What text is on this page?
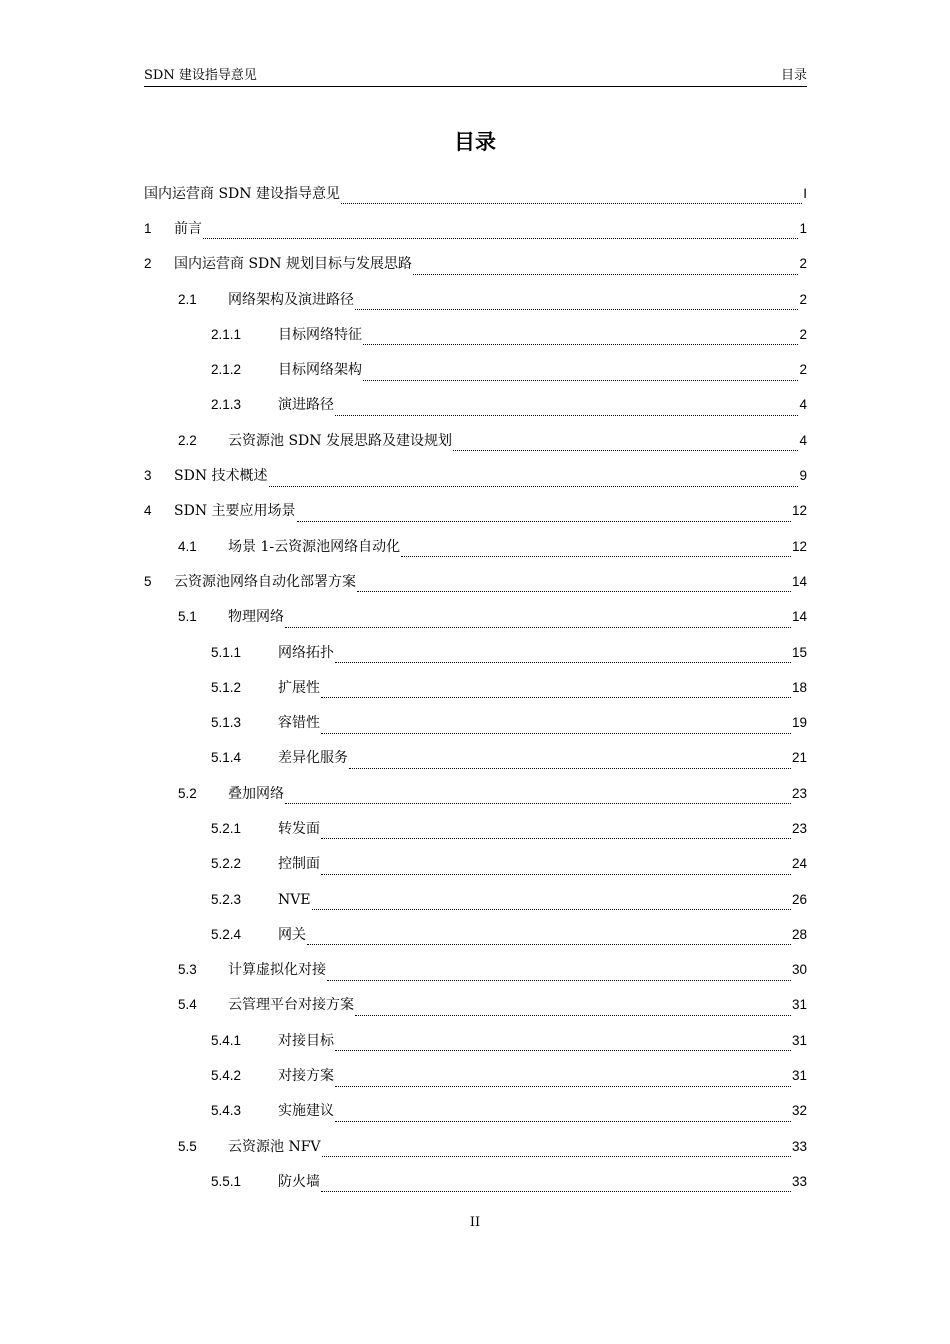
SDN 建设指导意见	目录
目录
国内运营商 SDN 建设指导意见	I
1	前言	1
2	国内运营商 SDN 规划目标与发展思路	2
2.1	网络架构及演进路径	2
2.1.1	目标网络特征	2
2.1.2	目标网络架构	2
2.1.3	演进路径	4
2.2	云资源池 SDN 发展思路及建设规划	4
3	SDN 技术概述	9
4	SDN 主要应用场景	12
4.1	场景 1-云资源池网络自动化	12
5	云资源池网络自动化部署方案	14
5.1	物理网络	14
5.1.1	网络拓扑	15
5.1.2	扩展性	18
5.1.3	容错性	19
5.1.4	差异化服务	21
5.2	叠加网络	23
5.2.1	转发面	23
5.2.2	控制面	24
5.2.3	NVE	26
5.2.4	网关	28
5.3	计算虚拟化对接	30
5.4	云管理平台对接方案	31
5.4.1	对接目标	31
5.4.2	对接方案	31
5.4.3	实施建议	32
5.5	云资源池 NFV	33
5.5.1	防火墙	33
II
